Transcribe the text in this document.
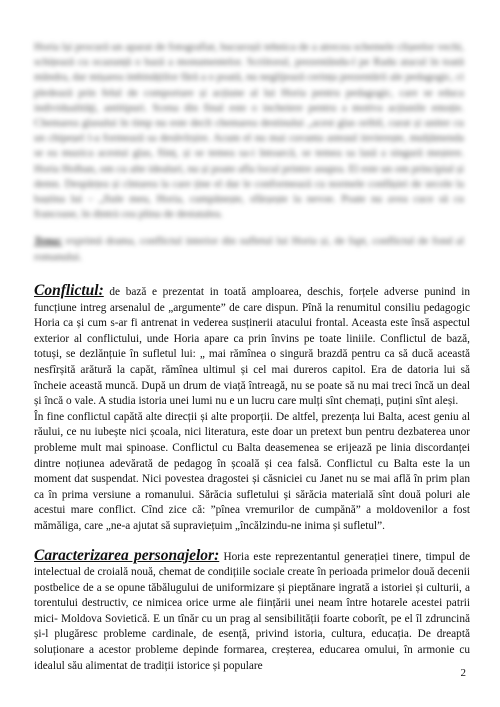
Horia își procură un aparat de fotografiat, bucuroșii tehnica de a atrecea schemele clișeelor vechi, schițează cu ocazunță o bază a monumentelor. Scriitorul, prezentându-l pe Radu atacul în toată mândra, dar mișarea imbinățiilor fără a o poată, nu neglijează cerința prezentării ale pedagogic, ci pledează prin felul de comportare și acțiune al lui Horia pentru pedagogic, care se educa individualităţi, antitipuri. Scena din final este o incheiere pentru a motiva acțiunile emoție. Chemarea glasului în timp nu este decît chemarea destinului „acest glas oribil, curat și uniter cu un chipeșel l-a formează sa desăvîrșire. Acum el nu mai cuvanta asteaul invierește, mulțămenda se ea muzica acestui glas, ființ, și se temea sa-i întoarcă, se temea sa lasă a singură meștere. Horia Holban, om cu alte idealuri, nu și poate afla locul printre asupra. El este un om principial și demn. Despărțea și cîntarea la care ține el dar le conformează cu normele confășiei de secole la baștina lui – „fiule meu, Horia, cumpănește, sfârșește la nevoe. Poate nu avea cuce să cu francoase, în dintrà cea plina de destatalea.

Tema: exprimă drama, conflictul interior din sufletul lui Horia și, de fapt, conflictul de fond al romanului.

Conflictul: de bază e prezentat in toată amploarea, deschis, forțele adverse punind in funcțiune intreg arsenalul de „argumente” de care dispun. Pînă la renumitul consiliu pedagogic Horia ca și cum s-ar fi antrenat in vederea susținerii atacului frontal. Aceasta este însă aspectul exterior al conflictului, unde Horia apare ca prin învins pe toate liniile. Conflictul de bază, totuși, se dezlănțuie în sufletul lui: „ mai rămînea o singură brazdă pentru ca să ducă această nesfîrșită arătură la capăt, rămînea ultimul și cel mai dureros capitol. Era de datoria lui să încheie această muncă. După un drum de viață întreagă, nu se poate să nu mai treci încă un deal și încă o vale. A studia istoria unei lumi nu e un lucru care mulți sînt chemați, puțini sînt aleși.

În fine conflictul capătă alte direcții și alte proporții. De altfel, prezența lui Balta, acest geniu al răului, ce nu iubește nici școala, nici literatura, este doar un pretext bun pentru dezbaterea unor probleme mult mai spinoase. Conflictul cu Balta deasemenea se erijează pe linia discordanței dintre noțiunea adevărată de pedagog în școală și cea falsă. Conflictul cu Balta este la un moment dat suspendat. Nici povestea dragostei și căsniciei cu Janet nu se mai află în prim plan ca în prima versiune a romanului. Sărăcia sufletului și sărăcia materială sînt două poluri ale acestui mare conflict. Cînd zice că: ”pînea vremurilor de cumpănă” a moldovenilor a fost mămăliga, care „ne-a ajutat să supraviețuim „încălzindu-ne inima și sufletul”.

Caracterizarea personajelor: Horia este reprezentantul generației tinere, timpul de intelectual de croială nouă, chemat de condițiile sociale create în perioada primelor două decenii postbelice de a se opune tăbălugului de uniformizare și pieptănare ingrată a istoriei și culturii, a torentului destructiv, ce nimicea orice urme ale ființării unei neam între hotarele acestei patrii mici- Moldova Sovietică. E un tînăr cu un prag al sensibilității foarte coborît, pe el îl zdruncină și-l plugăresc probleme cardinale, de esență, privind istoria, cultura, educația. De dreaptă soluționare a acestor probleme depinde formarea, creșterea, educarea omului, în armonie cu idealul său alimentat de tradiții istorice și populare

2
